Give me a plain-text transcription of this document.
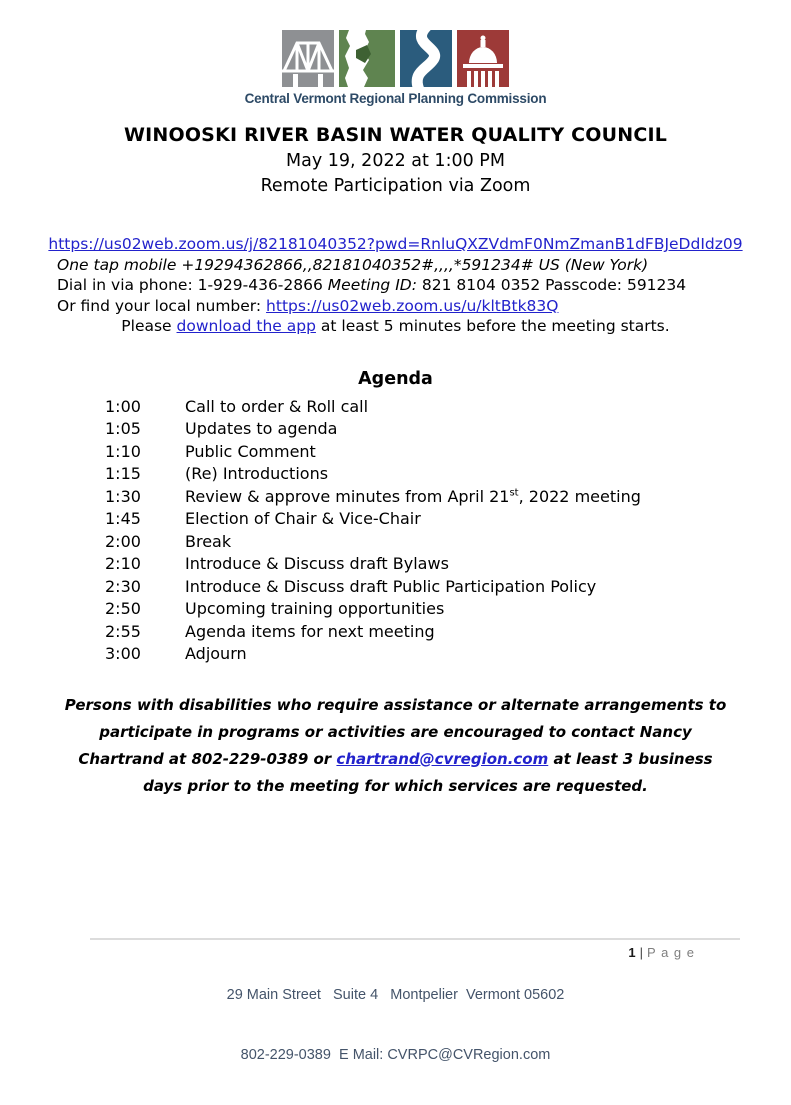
Central Vermont Regional Planning Commission
WINOOSKI RIVER BASIN WATER QUALITY COUNCIL
May 19, 2022 at 1:00 PM
Remote Participation via Zoom
https://us02web.zoom.us/j/82181040352?pwd=RnluQXZVdmF0NmZmanB1dFBJeDdIdz09
One tap mobile +19294362866,,82181040352#,,,,*591234# US (New York)
Dial in via phone: 1-929-436-2866 Meeting ID: 821 8104 0352 Passcode: 591234
Or find your local number: https://us02web.zoom.us/u/kltBtk83Q
Please download the app at least 5 minutes before the meeting starts.
Agenda
1:00	Call to order & Roll call
1:05	Updates to agenda
1:10	Public Comment
1:15	(Re) Introductions
1:30	Review & approve minutes from April 21st, 2022 meeting
1:45	Election of Chair & Vice-Chair
2:00	Break
2:10	Introduce & Discuss draft Bylaws
2:30	Introduce & Discuss draft Public Participation Policy
2:50	Upcoming training opportunities
2:55	Agenda items for next meeting
3:00	Adjourn
Persons with disabilities who require assistance or alternate arrangements to participate in programs or activities are encouraged to contact Nancy Chartrand at 802-229-0389 or chartrand@cvregion.com at least 3 business days prior to the meeting for which services are requested.

29 Main Street   Suite 4   Montpelier  Vermont 05602

802-229-0389  E Mail: CVRPC@CVRegion.com

1 | P a g e
